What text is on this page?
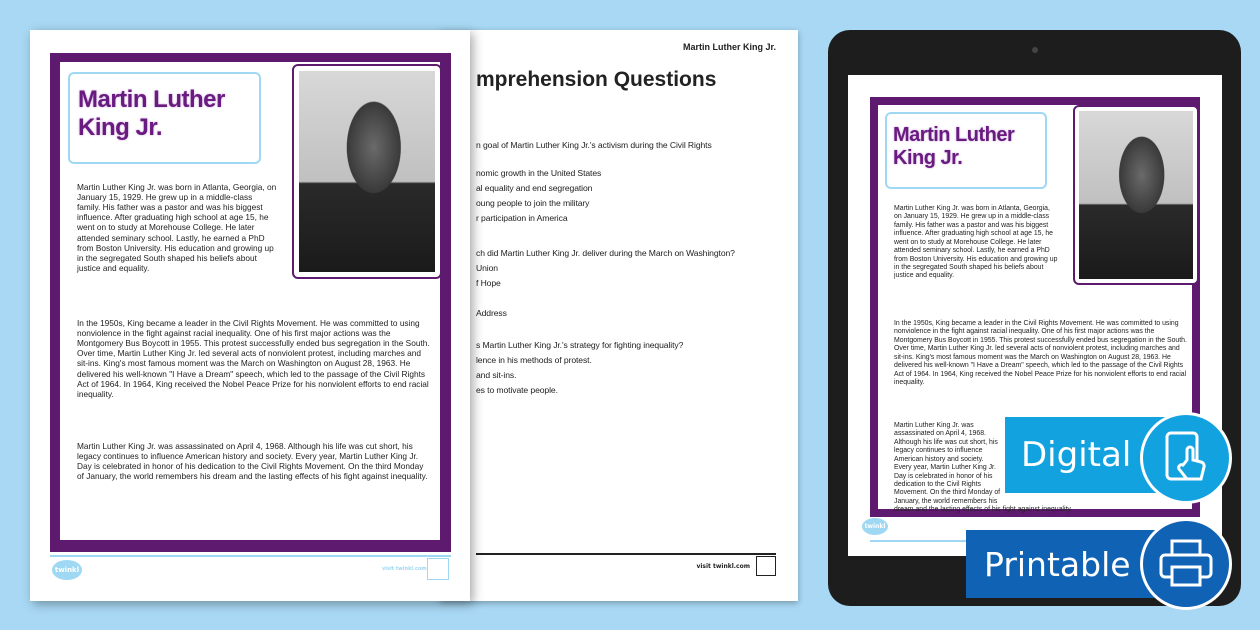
Martin Luther King Jr.
mprehension Questions
n goal of Martin Luther King Jr.'s activism during the Civil Rights
nomic growth in the United States
al equality and end segregation
oung people to join the military
r participation in America
ch did Martin Luther King Jr. deliver during the March on Washington?
Union
f Hope
Address
s Martin Luther King Jr.'s strategy for fighting inequality?
lence in his methods of protest.
and sit-ins.
es to motivate people.
visit twinkl.com
Martin Luther
King Jr.
Martin Luther King Jr. was born in Atlanta, Georgia, on January 15, 1929. He grew up in a middle-class family. His father was a pastor and was his biggest influence. After graduating high school at age 15, he went on to study at Morehouse College. He later attended seminary school. Lastly, he earned a PhD from Boston University. His education and growing up in the segregated South shaped his beliefs about justice and equality.
In the 1950s, King became a leader in the Civil Rights Movement. He was committed to using nonviolence in the fight against racial inequality. One of his first major actions was the Montgomery Bus Boycott in 1955. This protest successfully ended bus segregation in the South. Over time, Martin Luther King Jr. led several acts of nonviolent protest, including marches and sit-ins. King's most famous moment was the March on Washington on August 28, 1963. He delivered his well-known "I Have a Dream" speech, which led to the passage of the Civil Rights Act of 1964. In 1964, King received the Nobel Peace Prize for his nonviolent efforts to end racial inequality.
Martin Luther King Jr. was assassinated on April 4, 1968. Although his life was cut short, his legacy continues to influence American history and society. Every year, Martin Luther King Jr. Day is celebrated in honor of his dedication to the Civil Rights Movement. On the third Monday of January, the world remembers his dream and the lasting effects of his fight against inequality.
twinkl	visit twinkl.com
Martin Luther
King Jr.
Martin Luther King Jr. was born in Atlanta, Georgia, on January 15, 1929. He grew up in a middle-class family. His father was a pastor and was his biggest influence. After graduating high school at age 15, he went on to study at Morehouse College. He later attended seminary school. Lastly, he earned a PhD from Boston University. His education and growing up in the segregated South shaped his beliefs about justice and equality.
In the 1950s, King became a leader in the Civil Rights Movement. He was committed to using nonviolence in the fight against racial inequality. One of his first major actions was the Montgomery Bus Boycott in 1955. This protest successfully ended bus segregation in the South. Over time, Martin Luther King Jr. led several acts of nonviolent protest, including marches and sit-ins. King's most famous moment was the March on Washington on August 28, 1963. He delivered his well-known "I Have a Dream" speech, which led to the passage of the Civil Rights Act of 1964. In 1964, King received the Nobel Peace Prize for his nonviolent efforts to end racial inequality.
Martin Luther King Jr. was assassinated on April 4, 1968. Although his life was cut short, his legacy continues to influence American history and society. Every year, Martin Luther King Jr. Day is celebrated in honor of his dedication to the Civil Rights Movement. On the third Monday of January, the world remembers his dream and the lasting effects of his fight against inequality.
twinkl
Digital
Printable
